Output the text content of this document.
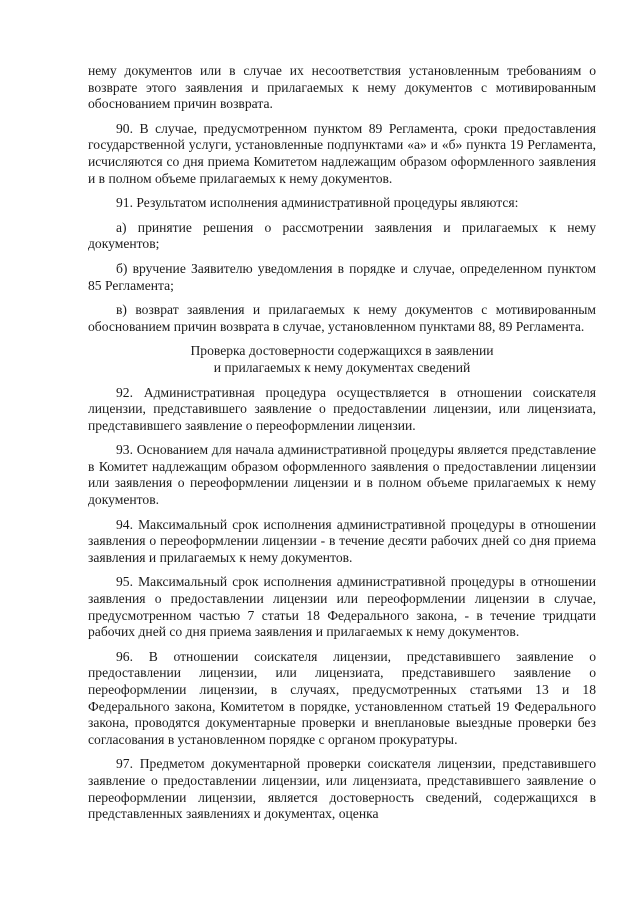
нему документов или в случае их несоответствия установленным требованиям о возврате этого заявления и прилагаемых к нему документов с мотивированным обоснованием причин возврата.

90. В случае, предусмотренном пунктом 89 Регламента, сроки предоставления государственной услуги, установленные подпунктами «а» и «б» пункта 19 Регламента, исчисляются со дня приема Комитетом надлежащим образом оформленного заявления и в полном объеме прилагаемых к нему документов.

91. Результатом исполнения административной процедуры являются:

а) принятие решения о рассмотрении заявления и прилагаемых к нему документов;

б) вручение Заявителю уведомления в порядке и случае, определенном пунктом 85 Регламента;

в) возврат заявления и прилагаемых к нему документов с мотивированным обоснованием причин возврата в случае, установленном пунктами 88, 89 Регламента.

Проверка достоверности содержащихся в заявлении
и прилагаемых к нему документах сведений

92. Административная процедура осуществляется в отношении соискателя лицензии, представившего заявление о предоставлении лицензии, или лицензиата, представившего заявление о переоформлении лицензии.

93. Основанием для начала административной процедуры является представление в Комитет надлежащим образом оформленного заявления о предоставлении лицензии или заявления о переоформлении лицензии и в полном объеме прилагаемых к нему документов.

94. Максимальный срок исполнения административной процедуры в отношении заявления о переоформлении лицензии - в течение десяти рабочих дней со дня приема заявления и прилагаемых к нему документов.

95. Максимальный срок исполнения административной процедуры в отношении заявления о предоставлении лицензии или переоформлении лицензии в случае, предусмотренном частью 7 статьи 18 Федерального закона, - в течение тридцати рабочих дней со дня приема заявления и прилагаемых к нему документов.

96. В отношении соискателя лицензии, представившего заявление о предоставлении лицензии, или лицензиата, представившего заявление о переоформлении лицензии, в случаях, предусмотренных статьями 13 и 18 Федерального закона, Комитетом в порядке, установленном статьей 19 Федерального закона, проводятся документарные проверки и внеплановые выездные проверки без согласования в установленном порядке с органом прокуратуры.

97. Предметом документарной проверки соискателя лицензии, представившего заявление о предоставлении лицензии, или лицензиата, представившего заявление о переоформлении лицензии, является достоверность сведений, содержащихся в представленных заявлениях и документах, оценка
